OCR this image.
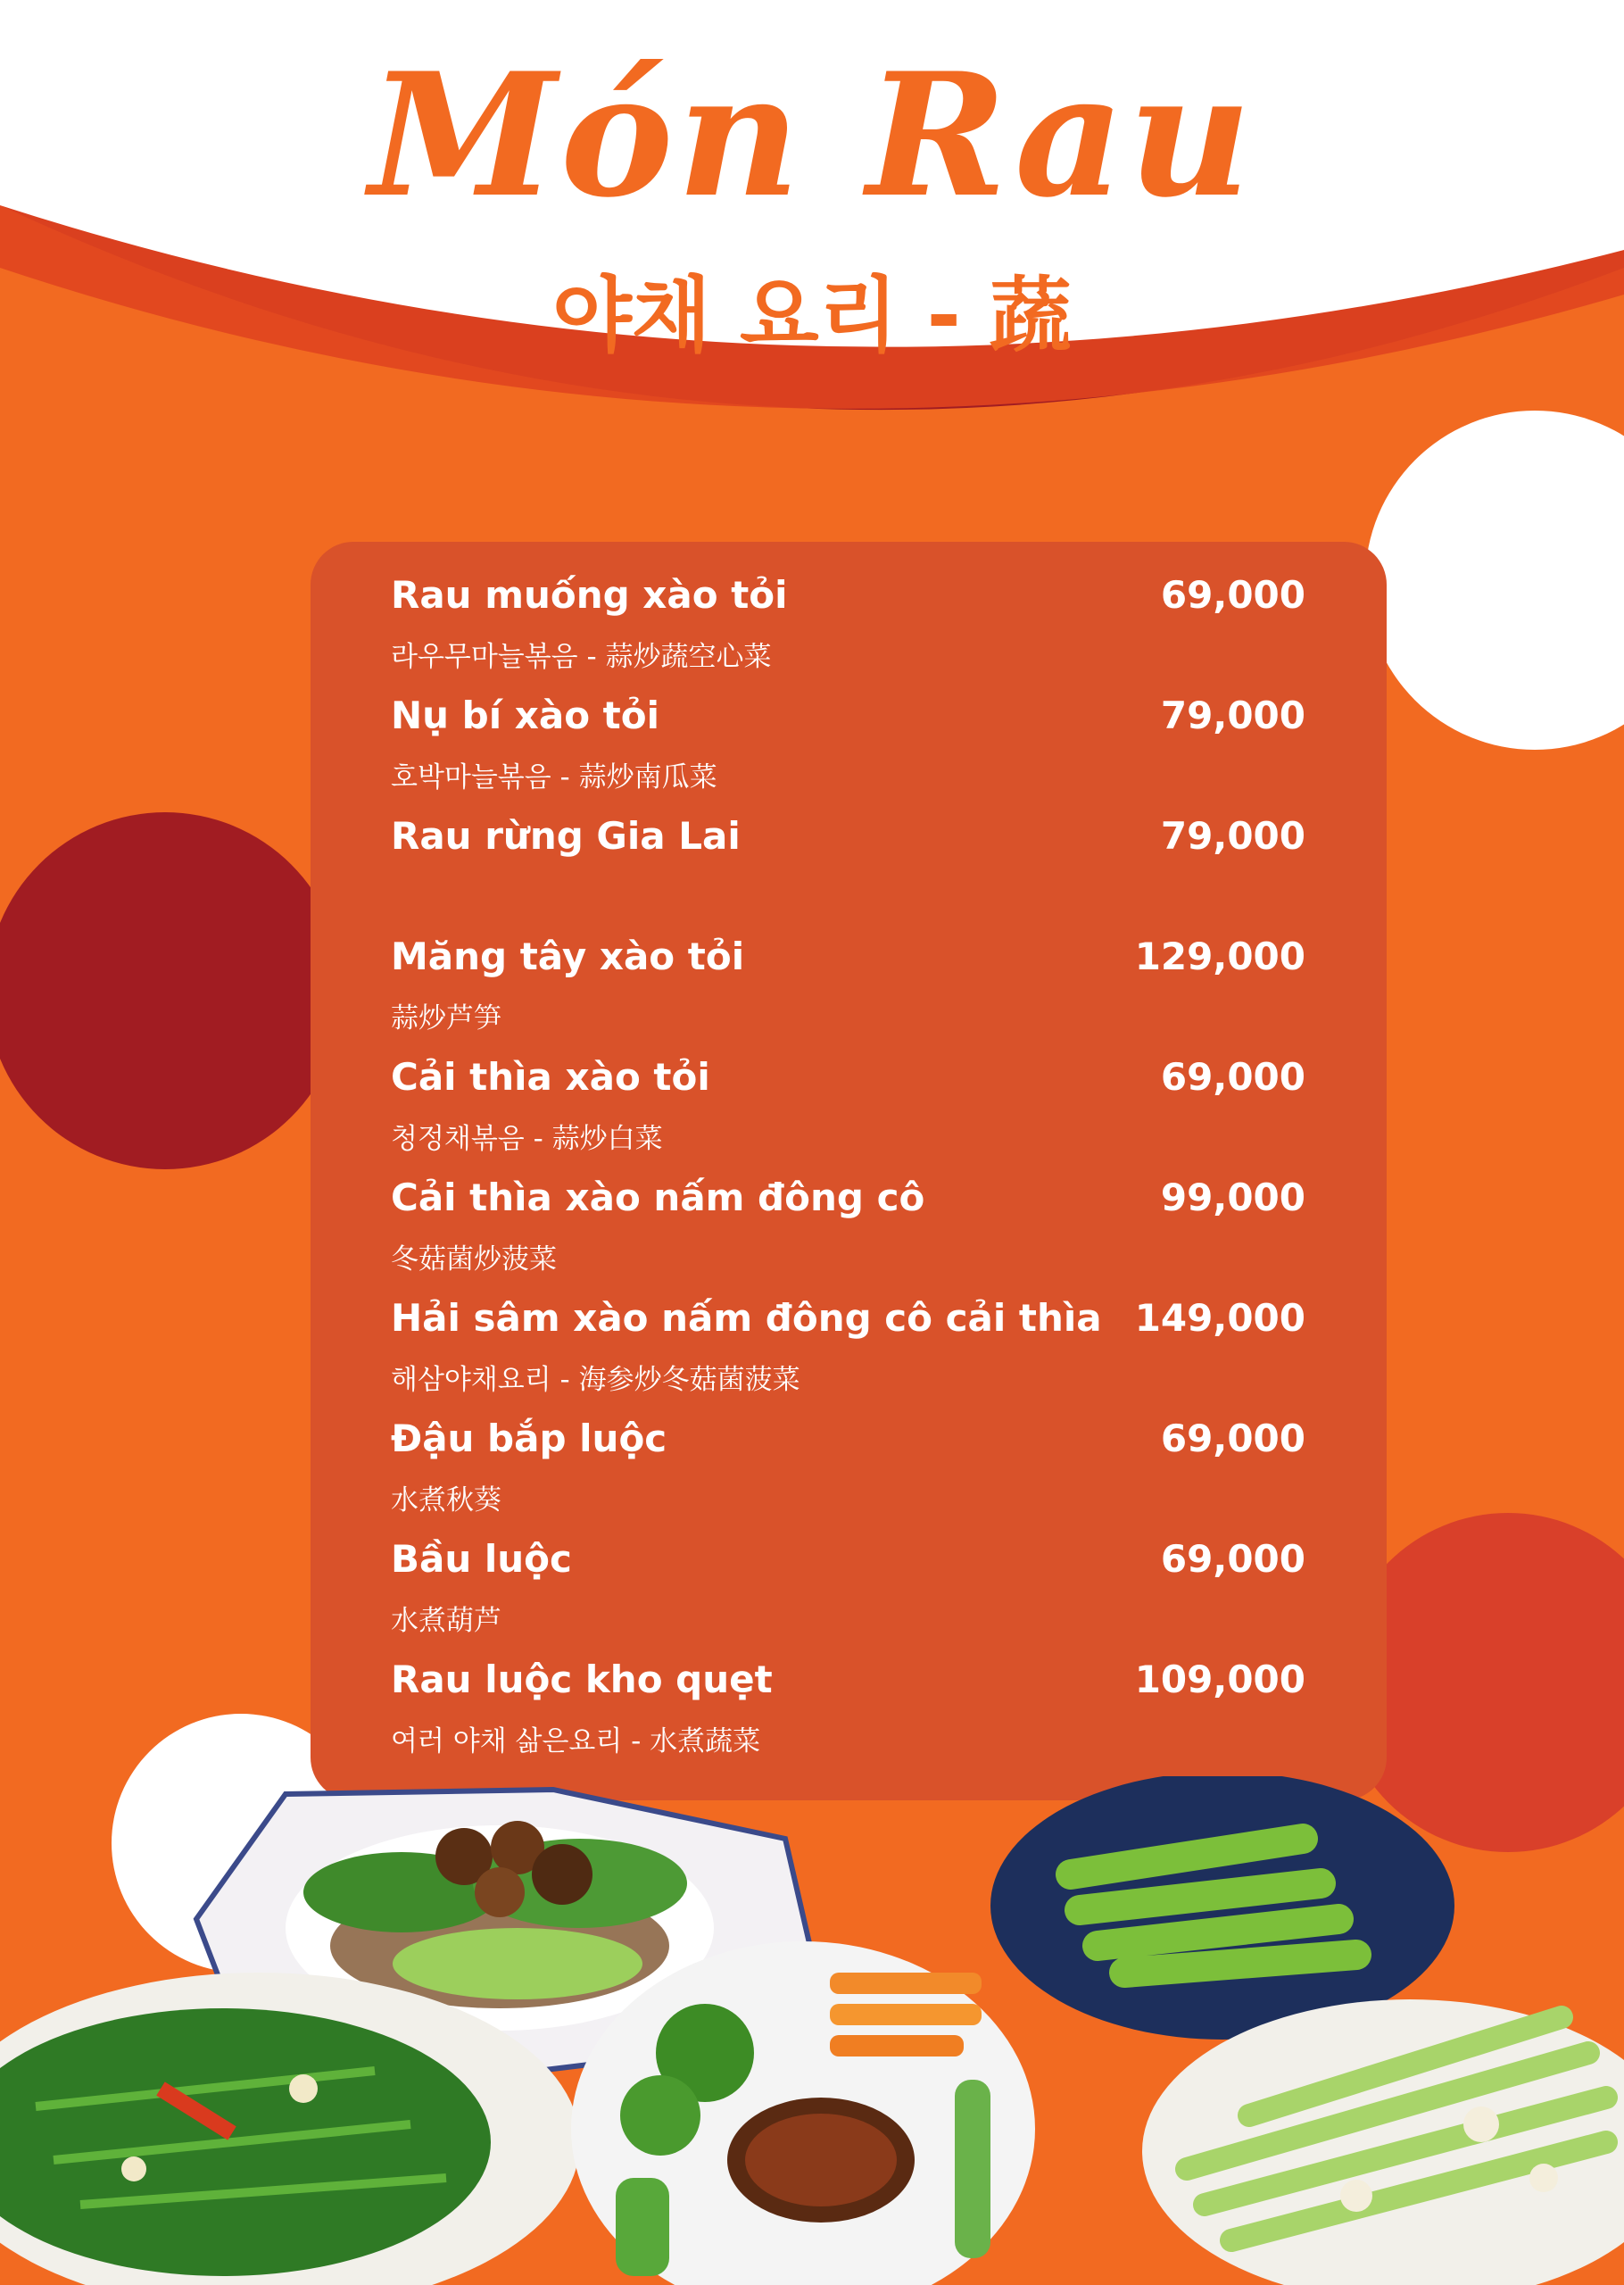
Món Rau
야채 요리 - 蔬
Rau muống xào tỏi	69,000
라우무마늘볶음 - 蒜炒蔬空心菜
Nụ bí xào tỏi	79,000
호박마늘볶음 - 蒜炒南瓜菜
Rau rừng Gia Lai	79,000
Măng tây xào tỏi	129,000
蒜炒芦笋
Cải thìa xào tỏi	69,000
청정채볶음 - 蒜炒白菜
Cải thìa xào nấm đông cô	99,000
冬菇菌炒菠菜
Hải sâm xào nấm đông cô cải thìa 149,000
해삼야채요리 - 海参炒冬菇菌菠菜
Đậu bắp luộc	69,000
水煮秋葵
Bầu luộc	69,000
水煮葫芦
Rau luộc kho quẹt	109,000
여러 야채 삶은요리 - 水煮蔬菜
